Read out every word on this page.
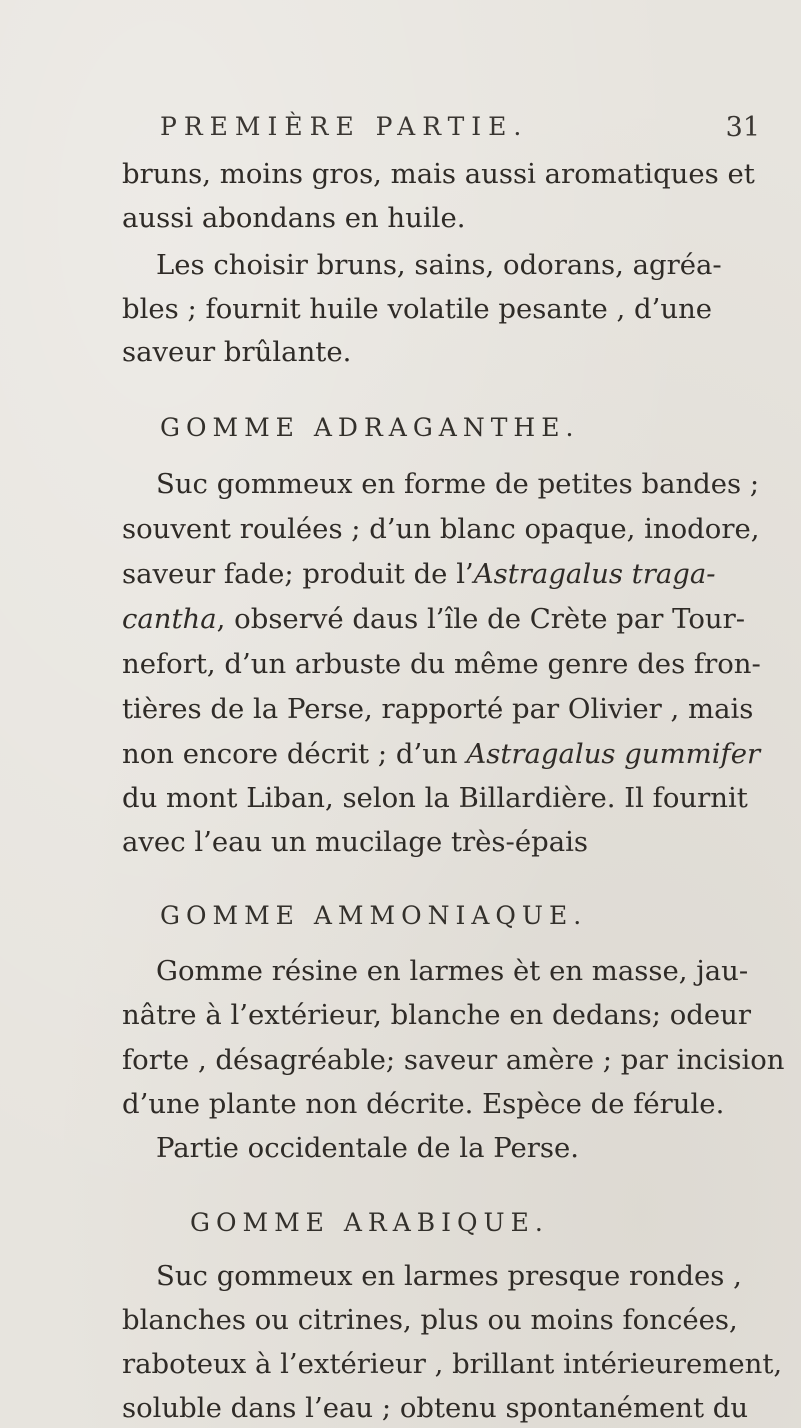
PREMIÈRE PARTIE.	31
bruns, moins gros, mais aussi aromatiques et
aussi abondans en huile.
Les choisir bruns, sains, odorans, agréa-
bles ; fournit huile volatile pesante , d’une
saveur brûlante.
GOMME ADRAGANTHE.
Suc gommeux en forme de petites bandes ;
souvent roulées ; d’un blanc opaque, inodore,
saveur fade; produit de l’Astragalus traga-
cantha, observé daus l’île de Crète par Tour-
nefort, d’un arbuste du même genre des fron-
tières de la Perse, rapporté par Olivier , mais
non encore décrit ; d’un Astragalus gummifer
du mont Liban, selon la Billardière. Il fournit
avec l’eau un mucilage très-épais
GOMME AMMONIAQUE.
Gomme résine en larmes èt en masse, jau-
nâtre à l’extérieur, blanche en dedans; odeur
forte , désagréable; saveur amère ; par incision
d’une plante non décrite. Espèce de férule.
Partie occidentale de la Perse.
GOMME ARABIQUE.
Suc gommeux en larmes presque rondes ,
blanches ou citrines, plus ou moins foncées,
raboteux à l’extérieur , brillant intérieurement,
soluble dans l’eau ; obtenu spontanément du
